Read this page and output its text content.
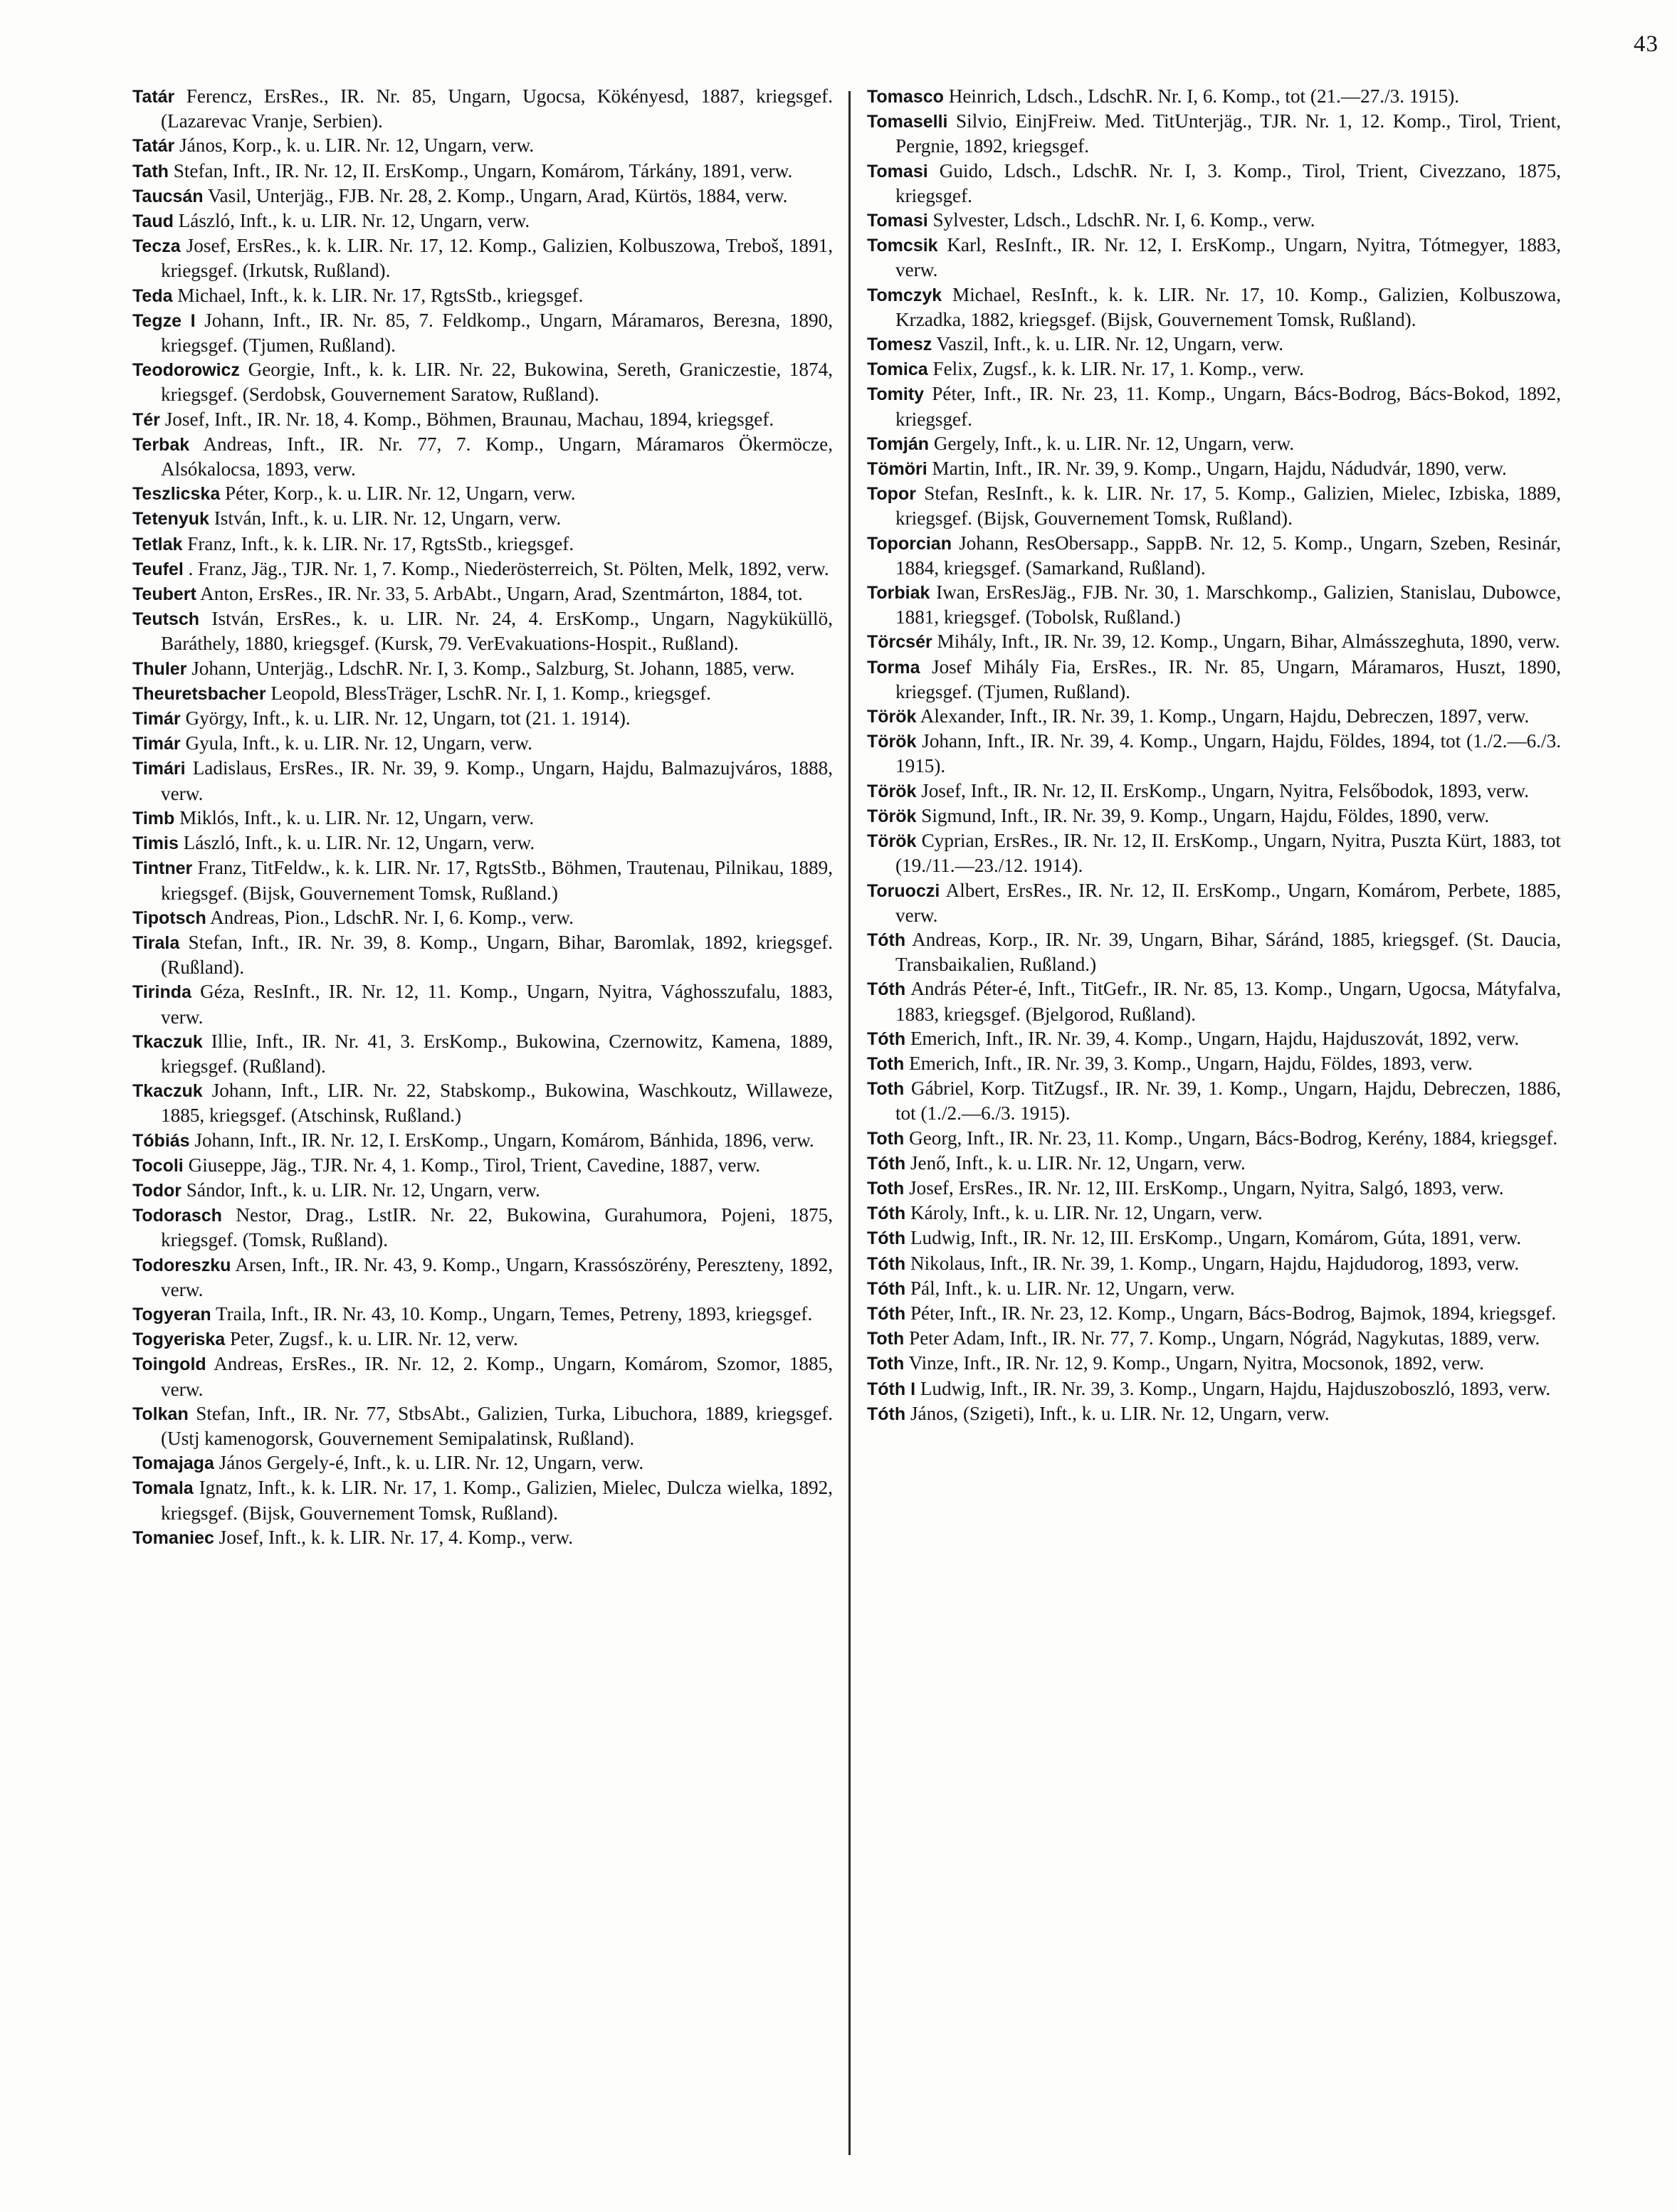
43

Tatár Ferencz, ErsRes., IR. Nr. 85, Ungarn, Ugocsa, Kökényesd, 1887, kriegsgef. (Lazarevac Vranje, Serbien).

Tatár János, Korp., k. u. LIR. Nr. 12, Ungarn, verw.

Tath Stefan, Inft., IR. Nr. 12, II. ErsKomp., Ungarn, Komárom, Tárkány, 1891, verw.

Taucsán Vasil, Unterjäg., FJB. Nr. 28, 2. Komp., Ungarn, Arad, Kürtös, 1884, verw.

Taud László, Inft., k. u. LIR. Nr. 12, Ungarn, verw.

Tecza Josef, ErsRes., k. k. LIR. Nr. 17, 12. Komp., Galizien, Kolbuszowa, Treboš, 1891, kriegsgef. (Irkutsk, Rußland).

Teda Michael, Inft., k. k. LIR. Nr. 17, RgtsStb., kriegsgef.

Tegze I Johann, Inft., IR. Nr. 85, 7. Feldkomp., Ungarn, Máramaros, Bereзna, 1890, kriegsgef. (Tjumen, Rußland).

Teodorowicz Georgie, Inft., k. k. LIR. Nr. 22, Bukowina, Sereth, Graniczestie, 1874, kriegsgef. (Serdobsk, Gouvernement Saratow, Rußland).

Tér Josef, Inft., IR. Nr. 18, 4. Komp., Böhmen, Braunau, Machau, 1894, kriegsgef.

Terbak Andreas, Inft., IR. Nr. 77, 7. Komp., Ungarn, Máramaros Ökermöcze, Alsókalocsa, 1893, verw.

Teszlicska Péter, Korp., k. u. LIR. Nr. 12, Ungarn, verw.

Tetenyuk István, Inft., k. u. LIR. Nr. 12, Ungarn, verw.

Tetlak Franz, Inft., k. k. LIR. Nr. 17, RgtsStb., kriegsgef.

Teufel . Franz, Jäg., TJR. Nr. 1, 7. Komp., Niederösterreich, St. Pölten, Melk, 1892, verw.

Teubert Anton, ErsRes., IR. Nr. 33, 5. ArbAbt., Ungarn, Arad, Szentmárton, 1884, tot.

Teutsch István, ErsRes., k. u. LIR. Nr. 24, 4. ErsKomp., Ungarn, Nagyküküllö, Baráthely, 1880, kriegsgef. (Kursk, 79. VerEvakuations-Hospit., Rußland).

Thuler Johann, Unterjäg., LdschR. Nr. I, 3. Komp., Salzburg, St. Johann, 1885, verw.

Theuretsbacher Leopold, BlessTräger, LschR. Nr. I, 1. Komp., kriegsgef.

Timár György, Inft., k. u. LIR. Nr. 12, Ungarn, tot (21. 1. 1914).

Timár Gyula, Inft., k. u. LIR. Nr. 12, Ungarn, verw.

Timári Ladislaus, ErsRes., IR. Nr. 39, 9. Komp., Ungarn, Hajdu, Balmazujváros, 1888, verw.

Timb Miklós, Inft., k. u. LIR. Nr. 12, Ungarn, verw.

Timis László, Inft., k. u. LIR. Nr. 12, Ungarn, verw.

Tintner Franz, TitFeldw., k. k. LIR. Nr. 17, RgtsStb., Böhmen, Trautenau, Pilnikau, 1889, kriegsgef. (Bijsk, Gouvernement Tomsk, Rußland.)

Tipotsch Andreas, Pion., LdschR. Nr. I, 6. Komp., verw.

Tirala Stefan, Inft., IR. Nr. 39, 8. Komp., Ungarn, Bihar, Baromlak, 1892, kriegsgef. (Rußland).

Tirinda Géza, ResInft., IR. Nr. 12, 11. Komp., Ungarn, Nyitra, Vághosszufalu, 1883, verw.

Tkaczuk Illie, Inft., IR. Nr. 41, 3. ErsKomp., Bukowina, Czernowitz, Kamena, 1889, kriegsgef. (Rußland).

Tkaczuk Johann, Inft., LIR. Nr. 22, Stabskomp., Bukowina, Waschkoutz, Willaweze, 1885, kriegsgef. (Atschinsk, Rußland.)

Tóbiás Johann, Inft., IR. Nr. 12, I. ErsKomp., Ungarn, Komárom, Bánhida, 1896, verw.

Tocoli Giuseppe, Jäg., TJR. Nr. 4, 1. Komp., Tirol, Trient, Cavedine, 1887, verw.

Todor Sándor, Inft., k. u. LIR. Nr. 12, Ungarn, verw.

Todorasch Nestor, Drag., LstIR. Nr. 22, Bukowina, Gurahumora, Pojeni, 1875, kriegsgef. (Tomsk, Rußland).

Todoreszku Arsen, Inft., IR. Nr. 43, 9. Komp., Ungarn, Krassószörény, Pereszteny, 1892, verw.

Togyeran Traila, Inft., IR. Nr. 43, 10. Komp., Ungarn, Temes, Petreny, 1893, kriegsgef.

Togyeriska Peter, Zugsf., k. u. LIR. Nr. 12, verw.

Toingold Andreas, ErsRes., IR. Nr. 12, 2. Komp., Ungarn, Komárom, Szomor, 1885, verw.

Tolkan Stefan, Inft., IR. Nr. 77, StbsAbt., Galizien, Turka, Libuchora, 1889, kriegsgef. (Ustj kamenogorsk, Gouvernement Semipalatinsk, Rußland).

Tomajaga János Gergely-é, Inft., k. u. LIR. Nr. 12, Ungarn, verw.

Tomala Ignatz, Inft., k. k. LIR. Nr. 17, 1. Komp., Galizien, Mielec, Dulcza wielka, 1892, kriegsgef. (Bijsk, Gouvernement Tomsk, Rußland).

Tomaniec Josef, Inft., k. k. LIR. Nr. 17, 4. Komp., verw.

Tomasco Heinrich, Ldsch., LdschR. Nr. I, 6. Komp., tot (21.—27./3. 1915).

Tomaselli Silvio, EinjFreiw. Med. TitUnterjäg., TJR. Nr. 1, 12. Komp., Tirol, Trient, Pergnie, 1892, kriegsgef.

Tomasi Guido, Ldsch., LdschR. Nr. I, 3. Komp., Tirol, Trient, Civezzano, 1875, kriegsgef.

Tomasi Sylvester, Ldsch., LdschR. Nr. I, 6. Komp., verw.

Tomcsik Karl, ResInft., IR. Nr. 12, I. ErsKomp., Ungarn, Nyitra, Tótmegyer, 1883, verw.

Tomczyk Michael, ResInft., k. k. LIR. Nr. 17, 10. Komp., Galizien, Kolbuszowa, Krzadka, 1882, kriegsgef. (Bijsk, Gouvernement Tomsk, Rußland).

Tomesz Vaszil, Inft., k. u. LIR. Nr. 12, Ungarn, verw.

Tomica Felix, Zugsf., k. k. LIR. Nr. 17, 1. Komp., verw.

Tomity Péter, Inft., IR. Nr. 23, 11. Komp., Ungarn, Bács-Bodrog, Bács-Bokod, 1892, kriegsgef.

Tomján Gergely, Inft., k. u. LIR. Nr. 12, Ungarn, verw.

Tömöri Martin, Inft., IR. Nr. 39, 9. Komp., Ungarn, Hajdu, Nádudvár, 1890, verw.

Topor Stefan, ResInft., k. k. LIR. Nr. 17, 5. Komp., Galizien, Mielec, Izbiska, 1889, kriegsgef. (Bijsk, Gouvernement Tomsk, Rußland).

Toporcian Johann, ResObersapp., SappB. Nr. 12, 5. Komp., Ungarn, Szeben, Resinár, 1884, kriegsgef. (Samarkand, Rußland).

Torbiak Iwan, ErsResJäg., FJB. Nr. 30, 1. Marschkomp., Galizien, Stanislau, Dubowce, 1881, kriegsgef. (Tobolsk, Rußland.)

Törcsér Mihály, Inft., IR. Nr. 39, 12. Komp., Ungarn, Bihar, Almásszeghuta, 1890, verw.

Torma Josef Mihály Fia, ErsRes., IR. Nr. 85, Ungarn, Máramaros, Huszt, 1890, kriegsgef. (Tjumen, Rußland).

Török Alexander, Inft., IR. Nr. 39, 1. Komp., Ungarn, Hajdu, Debreczen, 1897, verw.

Török Johann, Inft., IR. Nr. 39, 4. Komp., Ungarn, Hajdu, Földes, 1894, tot (1./2.—6./3. 1915).

Török Josef, Inft., IR. Nr. 12, II. ErsKomp., Ungarn, Nyitra, Felsőbodok, 1893, verw.

Török Sigmund, Inft., IR. Nr. 39, 9. Komp., Ungarn, Hajdu, Földes, 1890, verw.

Török Cyprian, ErsRes., IR. Nr. 12, II. ErsKomp., Ungarn, Nyitra, Puszta Kürt, 1883, tot (19./11.—23./12. 1914).

Toruoczi Albert, ErsRes., IR. Nr. 12, II. ErsKomp., Ungarn, Komárom, Perbete, 1885, verw.

Tóth Andreas, Korp., IR. Nr. 39, Ungarn, Bihar, Sáránd, 1885, kriegsgef. (St. Daucia, Transbaikalien, Rußland.)

Tóth András Péter-é, Inft., TitGefr., IR. Nr. 85, 13. Komp., Ungarn, Ugocsa, Mátyfalva, 1883, kriegsgef. (Bjelgorod, Rußland).

Tóth Emerich, Inft., IR. Nr. 39, 4. Komp., Ungarn, Hajdu, Hajduszovát, 1892, verw.

Toth Emerich, Inft., IR. Nr. 39, 3. Komp., Ungarn, Hajdu, Földes, 1893, verw.

Toth Gábriel, Korp. TitZugsf., IR. Nr. 39, 1. Komp., Ungarn, Hajdu, Debreczen, 1886, tot (1./2.—6./3. 1915).

Toth Georg, Inft., IR. Nr. 23, 11. Komp., Ungarn, Bács-Bodrog, Kerény, 1884, kriegsgef.

Tóth Jenő, Inft., k. u. LIR. Nr. 12, Ungarn, verw.

Toth Josef, ErsRes., IR. Nr. 12, III. ErsKomp., Ungarn, Nyitra, Salgó, 1893, verw.

Tóth Károly, Inft., k. u. LIR. Nr. 12, Ungarn, verw.

Tóth Ludwig, Inft., IR. Nr. 12, III. ErsKomp., Ungarn, Komárom, Gúta, 1891, verw.

Tóth Nikolaus, Inft., IR. Nr. 39, 1. Komp., Ungarn, Hajdu, Hajdudorog, 1893, verw.

Tóth Pál, Inft., k. u. LIR. Nr. 12, Ungarn, verw.

Tóth Péter, Inft., IR. Nr. 23, 12. Komp., Ungarn, Bács-Bodrog, Bajmok, 1894, kriegsgef.

Toth Peter Adam, Inft., IR. Nr. 77, 7. Komp., Ungarn, Nógrád, Nagykutas, 1889, verw.

Toth Vinze, Inft., IR. Nr. 12, 9. Komp., Ungarn, Nyitra, Mocsonok, 1892, verw.

Tóth I Ludwig, Inft., IR. Nr. 39, 3. Komp., Ungarn, Hajdu, Hajduszoboszló, 1893, verw.

Tóth János, (Szigeti), Inft., k. u. LIR. Nr. 12, Ungarn, verw.
